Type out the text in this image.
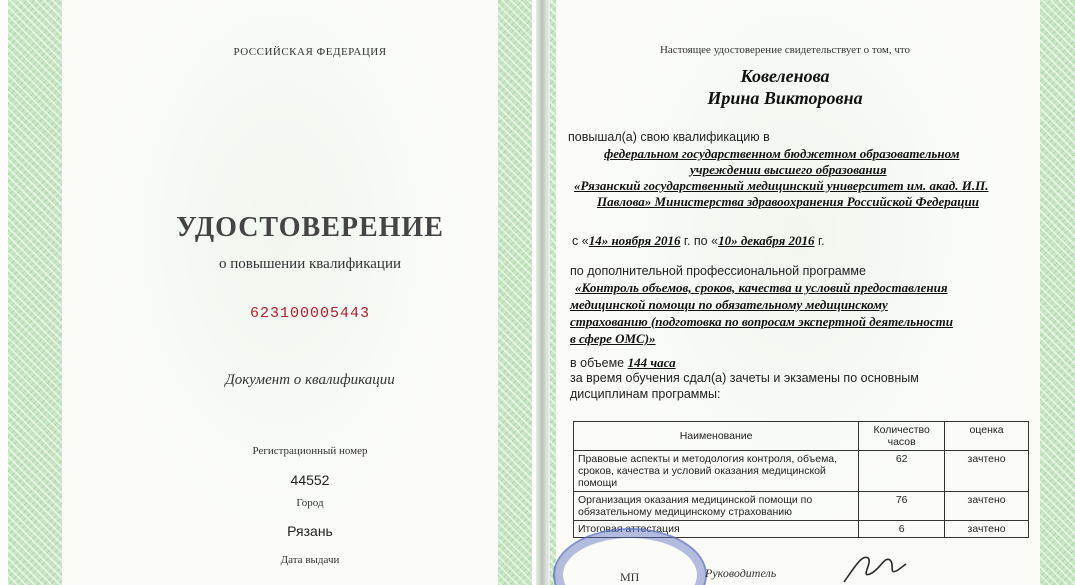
РОССИЙСКАЯ ФЕДЕРАЦИЯ
УДОСТОВЕРЕНИЕ
о повышении квалификации
623100005443
Документ о квалификации
Регистрационный номер
44552
Город
Рязань
Дата выдачи
Настоящее удостоверение свидетельствует о том, что
Ковеленова
Ирина Викторовна
повышал(а) свою квалификацию в
федеральном государственном бюджетном образовательном
учреждении высшего образования
«Рязанский государственный медицинский университет им. акад. И.П.
Павлова» Министерства здравоохранения Российской Федерации
с «14» ноября 2016 г. по «10» декабря 2016 г.
по дополнительной профессиональной программе
«Контроль объемов, сроков, качества и условий предоставления
медицинской помощи по обязательному медицинскому
страхованию (подготовка по вопросам экспертной деятельности
в сфере ОМС)»
в объеме 144 часа
за время обучения сдал(а) зачеты и экзамены по основным
дисциплинам программы:
Наименование	Количество часов	оценка
Правовые аспекты и методология контроля, объема, сроков, качества и условий оказания медицинской помощи	62	зачтено
Организация оказания медицинской помощи по обязательному медицинскому страхованию	76	зачтено
Итоговая аттестация	6	зачтено
МП	Руководитель
